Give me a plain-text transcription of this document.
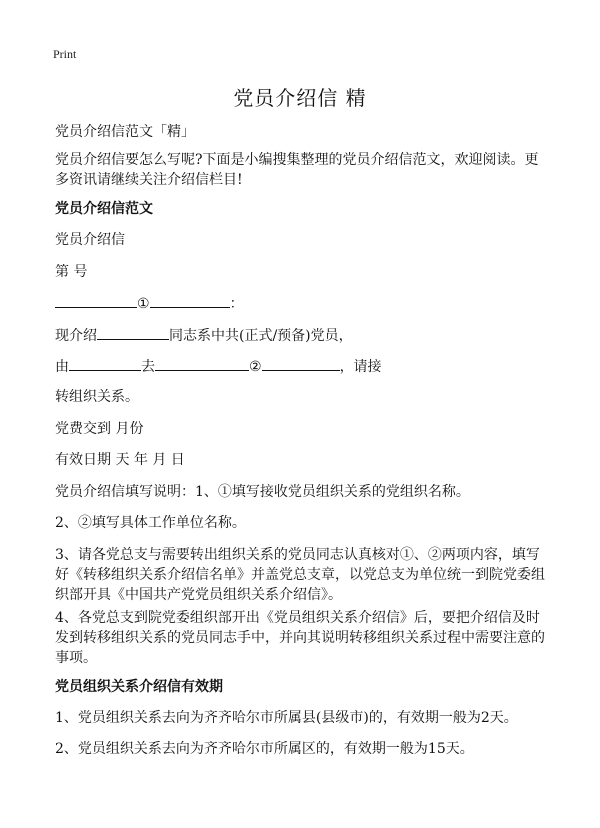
Print
党员介绍信 精
党员介绍信范文「精」
党员介绍信要怎么写呢?下面是小编搜集整理的党员介绍信范文，欢迎阅读。更多资讯请继续关注介绍信栏目!
党员介绍信范文
党员介绍信
第 号
①	：
现介绍	同志系中共(正式/预备)党员，
由	去	②	，请接
转组织关系。
党费交到 月份
有效日期 天 年 月 日
党员介绍信填写说明：1、①填写接收党员组织关系的党组织名称。
2、②填写具体工作单位名称。
3、请各党总支与需要转出组织关系的党员同志认真核对①、②两项内容，填写好《转移组织关系介绍信名单》并盖党总支章，以党总支为单位统一到院党委组织部开具《中国共产党党员组织关系介绍信》。
4、各党总支到院党委组织部开出《党员组织关系介绍信》后，要把介绍信及时发到转移组织关系的党员同志手中，并向其说明转移组织关系过程中需要注意的事项。
党员组织关系介绍信有效期
1、党员组织关系去向为齐齐哈尔市所属县(县级市)的，有效期一般为2天。
2、党员组织关系去向为齐齐哈尔市所属区的，有效期一般为15天。
